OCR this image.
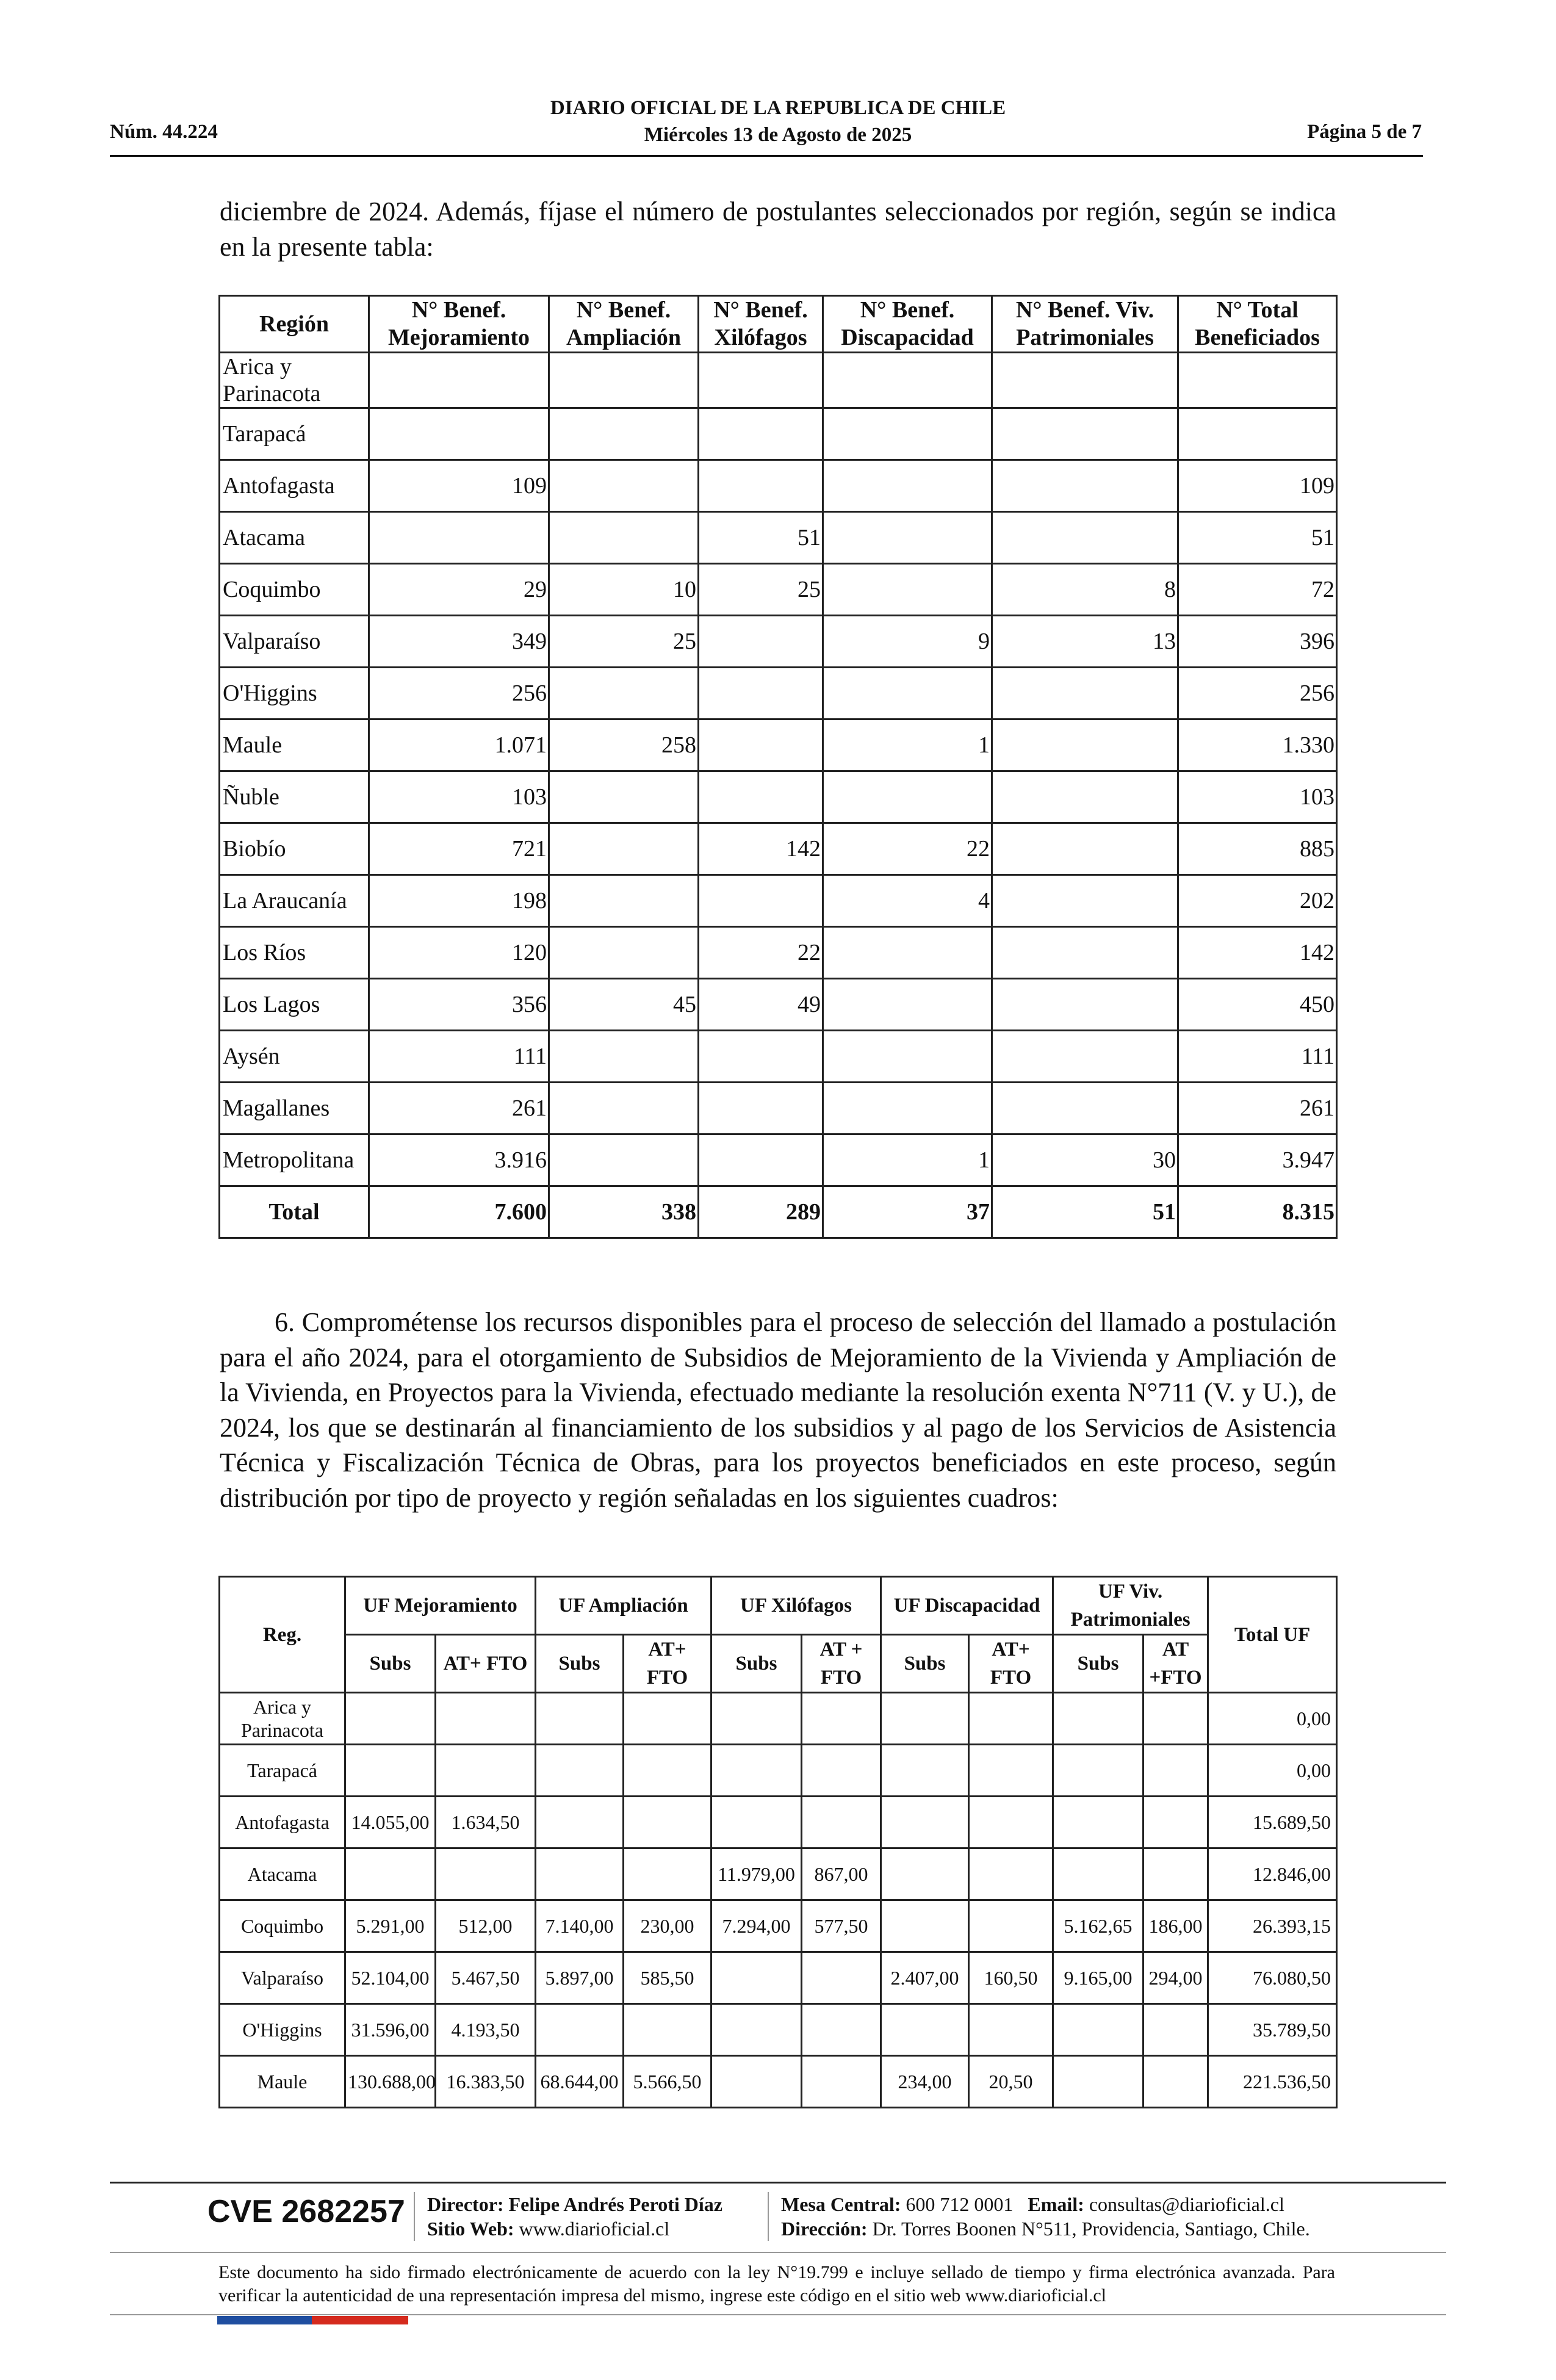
DIARIO OFICIAL DE LA REPUBLICA DE CHILE
Miércoles 13 de Agosto de 2025
Núm. 44.224	Página 5 de 7
diciembre de 2024. Además, fíjase el número de postulantes seleccionados por región, según se indica en la presente tabla:
Región	N° Benef. Mejoramiento	N° Benef. Ampliación	N° Benef. Xilófagos	N° Benef. Discapacidad	N° Benef. Viv. Patrimoniales	N° Total Beneficiados
Arica y Parinacota						
Tarapacá						
Antofagasta	109					109
Atacama			51			51
Coquimbo	29	10	25		8	72
Valparaíso	349	25		9	13	396
O'Higgins	256					256
Maule	1.071	258		1		1.330
Ñuble	103					103
Biobío	721		142	22		885
La Araucanía	198			4		202
Los Ríos	120		22			142
Los Lagos	356	45	49			450
Aysén	111					111
Magallanes	261					261
Metropolitana	3.916			1	30	3.947
Total	7.600	338	289	37	51	8.315
6. Comprométense los recursos disponibles para el proceso de selección del llamado a postulación para el año 2024, para el otorgamiento de Subsidios de Mejoramiento de la Vivienda y Ampliación de la Vivienda, en Proyectos para la Vivienda, efectuado mediante la resolución exenta N°711 (V. y U.), de 2024, los que se destinarán al financiamiento de los subsidios y al pago de los Servicios de Asistencia Técnica y Fiscalización Técnica de Obras, para los proyectos beneficiados en este proceso, según distribución por tipo de proyecto y región señaladas en los siguientes cuadros:
Reg.	UF Mejoramiento		UF Ampliación		UF Xilófagos		UF Discapacidad		UF Viv. Patrimoniales		Total UF
	Subs	AT+ FTO	Subs	AT+ FTO	Subs	AT + FTO	Subs	AT+ FTO	Subs	AT +FTO	
Arica y Parinacota											0,00
Tarapacá											0,00
Antofagasta	14.055,00	1.634,50									15.689,50
Atacama					11.979,00	867,00					12.846,00
Coquimbo	5.291,00	512,00	7.140,00	230,00	7.294,00	577,50			5.162,65	186,00	26.393,15
Valparaíso	52.104,00	5.467,50	5.897,00	585,50			2.407,00	160,50	9.165,00	294,00	76.080,50
O'Higgins	31.596,00	4.193,50									35.789,50
Maule	130.688,00	16.383,50	68.644,00	5.566,50			234,00	20,50			221.536,50
CVE 2682257 Director: Felipe Andrés Peroti Díaz
Sitio Web: www.diarioficial.cl
Mesa Central: 600 712 0001 Email: consultas@diarioficial.cl
Dirección: Dr. Torres Boonen N°511, Providencia, Santiago, Chile.
Este documento ha sido firmado electrónicamente de acuerdo con la ley N°19.799 e incluye sellado de tiempo y firma electrónica avanzada. Para verificar la autenticidad de una representación impresa del mismo, ingrese este código en el sitio web www.diarioficial.cl
